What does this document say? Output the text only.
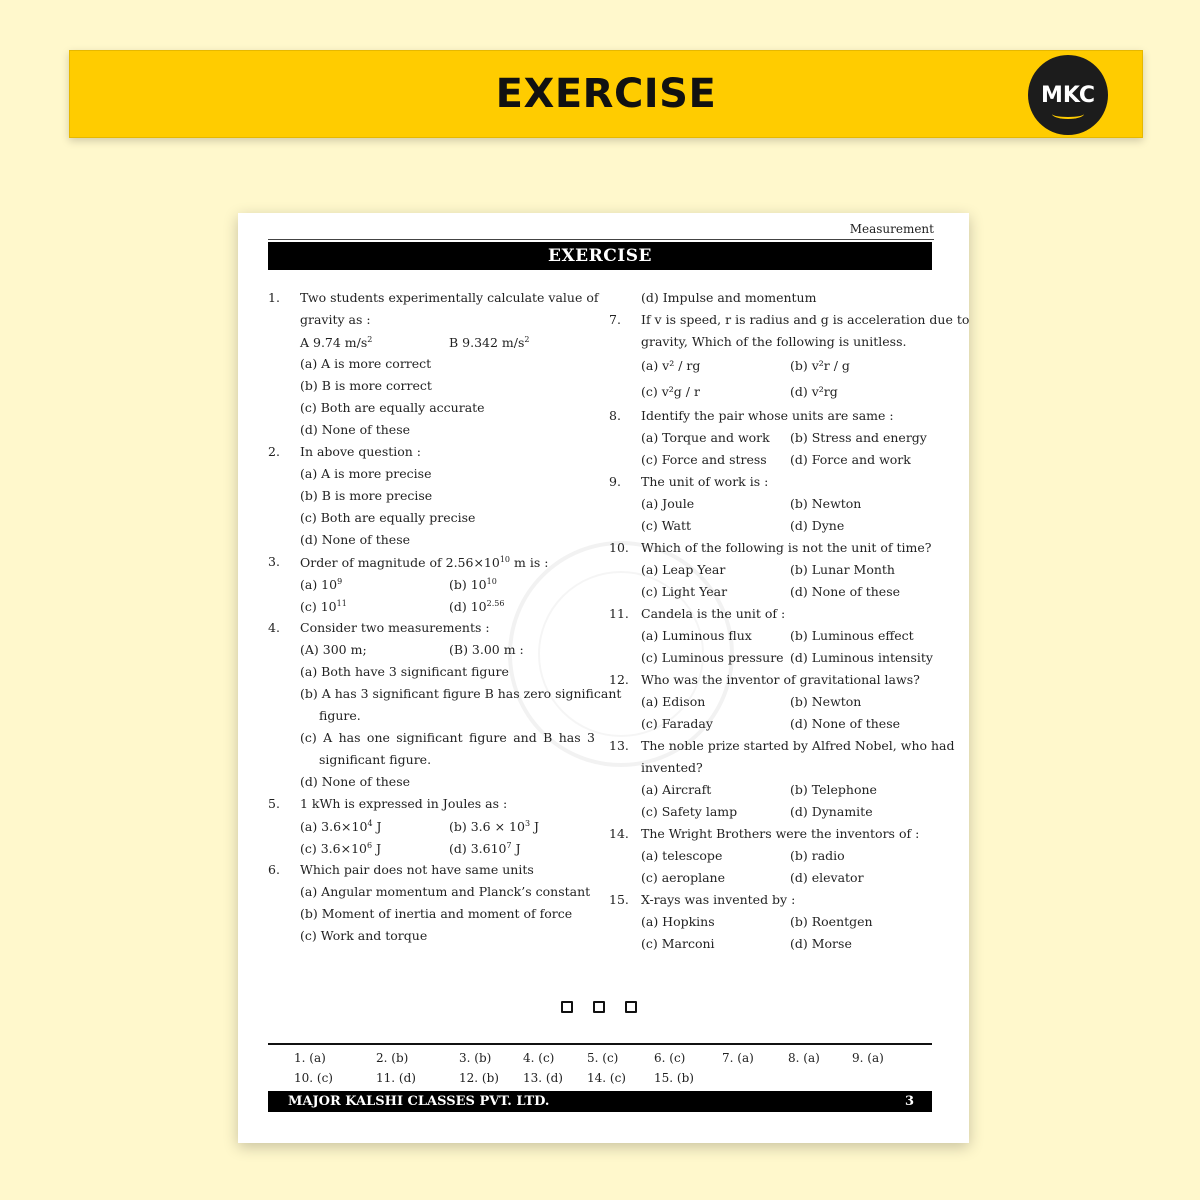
EXERCISE	MKC
Measurement
EXERCISE
1.	Two students experimentally calculate value of
gravity as :
A 9.74 $m/s^2$	B 9.342 $m/s^2$
(a) A is more correct
(b) B is more correct
(c) Both are equally accurate
(d) None of these
2.	In above question :
(a) A is more precise
(b) B is more precise
(c) Both are equally precise
(d) None of these
3.	Order of magnitude of $2.56\times 10^{10}$ m is :
(a) $10^9$	(b) $10^{10}$
(c) $10^{11}$	(d) $10^{2.56}$
4.	Consider two measurements :
(A) 300 m;	(B) 3.00 m :
(a) Both have 3 significant figure
(b) A has 3 significant figure B has zero significant
figure.
(c) A has one significant figure and B has 3
significant figure.
(d) None of these
5.	1 kWh is expressed in Joules as :
(a) $3.6\times 10^4$ J	(b) $3.6 \times 10^3$ J
(c) $3.6\times 10^6$ J	(d) 3.610$^7$ J
6.	Which pair does not have same units
(a) Angular momentum and Planck’s constant
(b) Moment of inertia and moment of force
(c) Work and torque
(d) Impulse and momentum
7.	If v is speed, r is radius and g is acceleration due to
gravity, Which of the following is unitless.
(a) v² / rg	(b) v²r / g
(c) v²g / r	(d) v²rg
8.	Identify the pair whose units are same :
(a) Torque and work	(b) Stress and energy
(c) Force and stress	(d) Force and work
9.	The unit of work is :
(a) Joule	(b) Newton
(c) Watt	(d) Dyne
10. Which of the following is not the unit of time?
(a) Leap Year	(b) Lunar Month
(c) Light Year	(d) None of these
11. Candela is the unit of :
(a) Luminous flux	(b) Luminous effect
(c) Luminous pressure (d) Luminous intensity
12. Who was the inventor of gravitational laws?
(a) Edison	(b) Newton
(c) Faraday	(d) None of these
13. The noble prize started by Alfred Nobel, who had
invented?
(a) Aircraft	(b) Telephone
(c) Safety lamp	(d) Dynamite
14. The Wright Brothers were the inventors of :
(a) telescope	(b) radio
(c) aeroplane	(d) elevator
15. X-rays was invented by :
(a) Hopkins	(b) Roentgen
(c) Marconi	(d) Morse
1. (a)	2. (b)	3. (b)	4. (c)	5. (c)	6. (c)	7. (a)	8. (a)	9. (a)
10. (c)	11. (d)	12. (b) 13. (d) 14. (c) 15. (b)
MAJOR KALSHI CLASSES PVT. LTD.	3
